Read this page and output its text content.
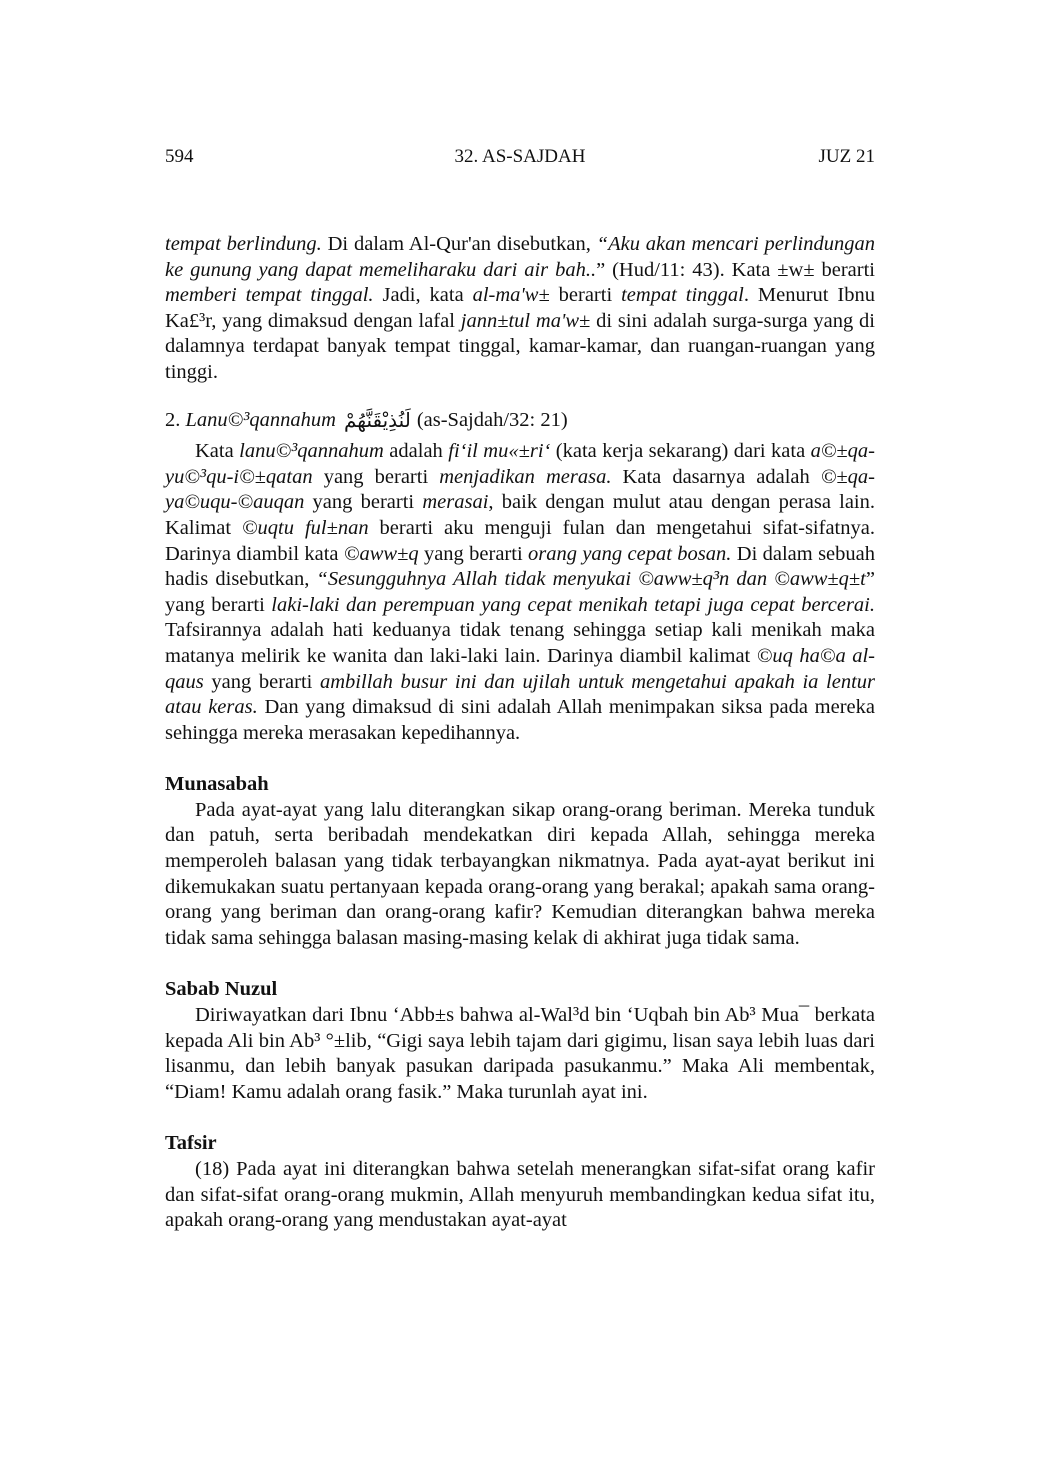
594	32. AS-SAJDAH	JUZ 21

tempat berlindung. Di dalam Al-Qur'an disebutkan, “Aku akan mencari perlindungan ke gunung yang dapat memeliharaku dari air bah..” (Hud/11: 43). Kata ±w± berarti memberi tempat tinggal. Jadi, kata al-ma'w± berarti tempat tinggal. Menurut Ibnu Ka£³r, yang dimaksud dengan lafal jann±tul ma'w± di sini adalah surga-surga yang di dalamnya terdapat banyak tempat tinggal, kamar-kamar, dan ruangan-ruangan yang tinggi.

2.
Lanu©³qannahum لَنُذِيْقَنَّهُمْ (as-Sajdah/32: 21)

Kata lanu©³qannahum adalah fi‘il mu«±ri‘ (kata kerja sekarang) dari kata a©±qa-yu©³qu-i©±qatan yang berarti menjadikan merasa. Kata dasarnya adalah ©±qa-ya©uqu-©auqan yang berarti merasai, baik dengan mulut atau dengan perasa lain. Kalimat ©uqtu ful±nan berarti aku menguji fulan dan mengetahui sifat-sifatnya. Darinya diambil kata ©aww±q yang berarti orang yang cepat bosan. Di dalam sebuah hadis disebutkan, “Sesungguhnya Allah tidak menyukai ©aww±q³n dan ©aww±q±t” yang berarti laki-laki dan perempuan yang cepat menikah tetapi juga cepat bercerai. Tafsirannya adalah hati keduanya tidak tenang sehingga setiap kali menikah maka matanya melirik ke wanita dan laki-laki lain. Darinya diambil kalimat ©uq ha©a al-qaus yang berarti ambillah busur ini dan ujilah untuk mengetahui apakah ia lentur atau keras. Dan yang dimaksud di sini adalah Allah menimpakan siksa pada mereka sehingga mereka merasakan kepedihannya.

Munasabah

Pada ayat-ayat yang lalu diterangkan sikap orang-orang beriman. Mereka tunduk dan patuh, serta beribadah mendekatkan diri kepada Allah, sehingga mereka memperoleh balasan yang tidak terbayangkan nikmatnya. Pada ayat-ayat berikut ini dikemukakan suatu pertanyaan kepada orang-orang yang berakal; apakah sama orang-orang yang beriman dan orang-orang kafir? Kemudian diterangkan bahwa mereka tidak sama sehingga balasan masing-masing kelak di akhirat juga tidak sama.

Sabab Nuzul

Diriwayatkan dari Ibnu ‘Abb±s bahwa al-Wal³d bin ‘Uqbah bin Ab³ Mua¯ berkata kepada Ali bin Ab³ °±lib, “Gigi saya lebih tajam dari gigimu, lisan saya lebih luas dari lisanmu, dan lebih banyak pasukan daripada pasukanmu.” Maka Ali membentak, “Diam! Kamu adalah orang fasik.” Maka turunlah ayat ini.

Tafsir

(18) Pada ayat ini diterangkan bahwa setelah menerangkan sifat-sifat orang kafir dan sifat-sifat orang-orang mukmin, Allah menyuruh membandingkan kedua sifat itu, apakah orang-orang yang mendustakan ayat-ayat
